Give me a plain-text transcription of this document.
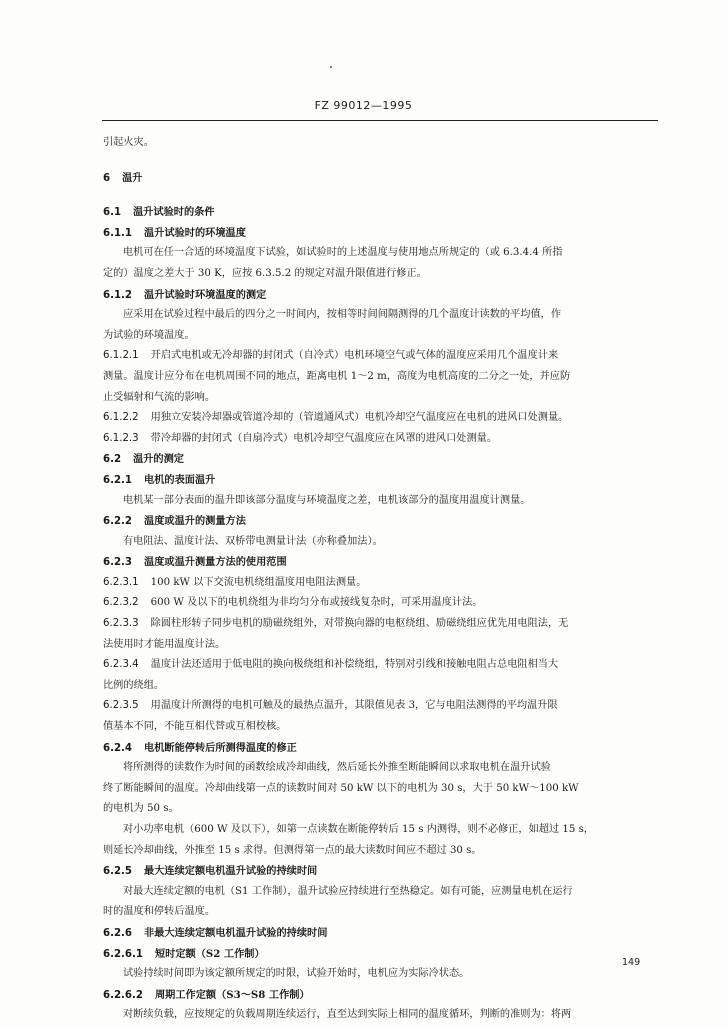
FZ 99012—1995
引起火灾。
6 温升
6.1 温升试验时的条件
6.1.1 温升试验时的环境温度
电机可在任一合适的环境温度下试验，如试验时的上述温度与使用地点所规定的（或 6.3.4.4 所指
定的）温度之差大于 30 K，应按 6.3.5.2 的规定对温升限值进行修正。
6.1.2 温升试验时环境温度的测定
应采用在试验过程中最后的四分之一时间内，按相等时间间隔测得的几个温度计读数的平均值，作
为试验的环境温度。
6.1.2.1 开启式电机或无冷却器的封闭式（自冷式）电机环境空气或气体的温度应采用几个温度计来
测量。温度计应分布在电机周围不同的地点，距离电机 1～2 m，高度为电机高度的二分之一处，并应防
止受辐射和气流的影响。
6.1.2.2 用独立安装冷却器或管道冷却的（管道通风式）电机冷却空气温度应在电机的进风口处测量。
6.1.2.3 带冷却器的封闭式（自扇冷式）电机冷却空气温度应在风罩的进风口处测量。
6.2 温升的测定
6.2.1 电机的表面温升
电机某一部分表面的温升即该部分温度与环境温度之差，电机该部分的温度用温度计测量。
6.2.2 温度或温升的测量方法
有电阻法、温度计法、双桥带电测量计法（亦称叠加法）。
6.2.3 温度或温升测量方法的使用范围
6.2.3.1 100 kW 以下交流电机绕组温度用电阻法测量。
6.2.3.2 600 W 及以下的电机绕组为非均匀分布或接线复杂时，可采用温度计法。
6.2.3.3 除圆柱形转子同步电机的励磁绕组外，对带换向器的电枢绕组、励磁绕组应优先用电阻法，无
法使用时才能用温度计法。
6.2.3.4 温度计法还适用于低电阻的换向极绕组和补偿绕组，特别对引线和接触电阻占总电阻相当大
比例的绕组。
6.2.3.5 用温度计所测得的电机可触及的最热点温升，其限值见表 3，它与电阻法测得的平均温升限
值基本不同，不能互相代替或互相校核。
6.2.4 电机断能停转后所测得温度的修正
将所测得的读数作为时间的函数绘成冷却曲线，然后延长外推至断能瞬间以求取电机在温升试验
终了断能瞬间的温度。冷却曲线第一点的读数时间对 50 kW 以下的电机为 30 s，大于 50 kW～100 kW
的电机为 50 s。
对小功率电机（600 W 及以下），如第一点读数在断能停转后 15 s 内测得，则不必修正，如超过 15 s，
则延长冷却曲线，外推至 15 s 求得。但测得第一点的最大读数时间应不超过 30 s。
6.2.5 最大连续定额电机温升试验的持续时间
对最大连续定额的电机（S1 工作制），温升试验应持续进行至热稳定。如有可能，应测量电机在运行
时的温度和停转后温度。
6.2.6 非最大连续定额电机温升试验的持续时间
6.2.6.1 短时定额（S2 工作制）
试验持续时间即为该定额所规定的时限，试验开始时，电机应为实际冷状态。
6.2.6.2 周期工作定额（S3～S8 工作制）
对断续负载，应按规定的负载周期连续运行，直至达到实际上相同的温度循环，判断的准则为：将两
149
